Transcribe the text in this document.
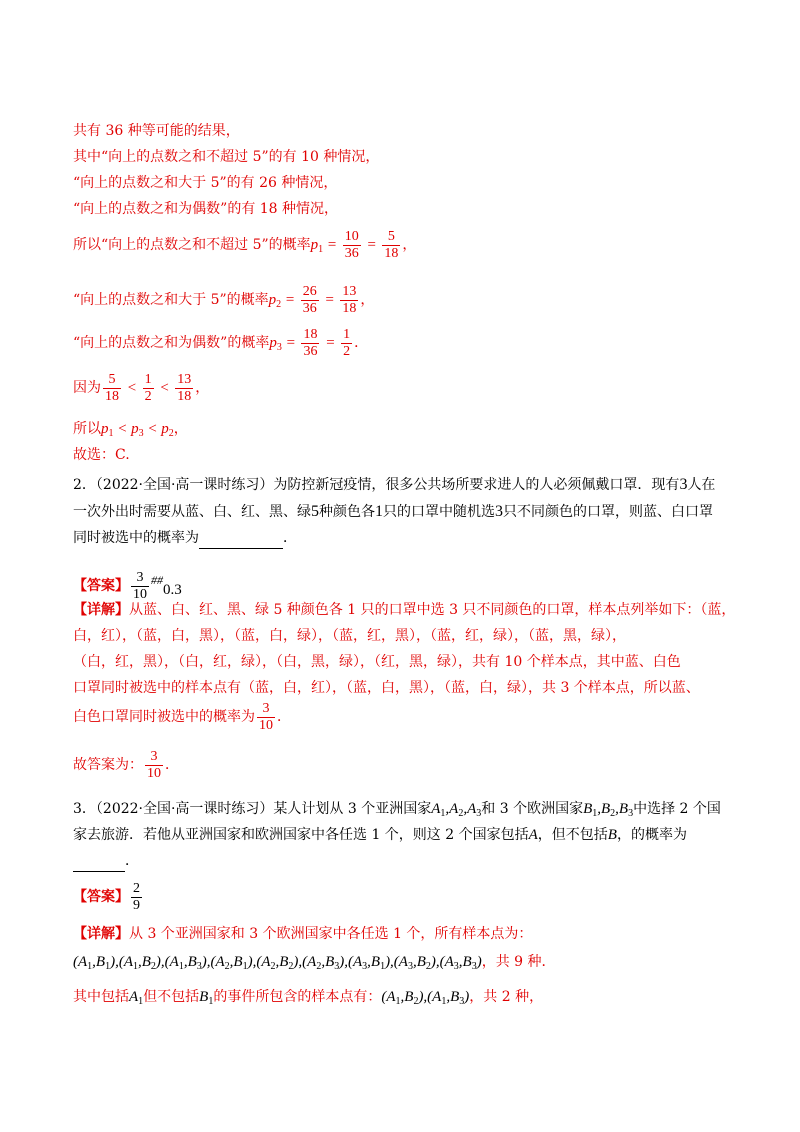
共有 36 种等可能的结果，
其中“向上的点数之和不超过 5”的有 10 种情况，
“向上的点数之和大于 5”的有 26 种情况，
“向上的点数之和为偶数”的有 18 种情况，
所以“向上的点数之和不超过 5”的概率$p_1 = \frac{10}{36} = \frac{5}{18}$ ，
“向上的点数之和大于 5”的概率$p_2 = \frac{26}{36} = \frac{13}{18}$ ，
“向上的点数之和为偶数”的概率$p_3 = \frac{18}{36} = \frac{1}{2}$ ．
因为 $\frac{5}{18} < \frac{1}{2} < \frac{13}{18}$ ，
所以$p_1 < p_3 < p_2$，
故选：C.
2．（2022·全国·高一课时练习）为防控新冠疫情，很多公共场所要求进人的人必须佩戴口罩．现有3人在
一次外出时需要从蓝、白、红、黑、绿5种颜色各1只的口罩中随机选3只不同颜色的口罩，则蓝、白口罩
同时被选中的概率为	．
【答案】 $\frac{3}{10}$ ##0.3
【详解】从蓝、白、红、黑、绿 5 种颜色各 1 只的口罩中选 3 只不同颜色的口罩，样本点列举如下：（蓝，
白，红），（蓝，白，黑），（蓝，白，绿），（蓝，红，黑），（蓝，红，绿），（蓝，黑，绿），
（白，红，黑），（白，红，绿），（白，黑，绿），（红，黑，绿），共有 10 个样本点，其中蓝、白色
口罩同时被选中的样本点有（蓝，白，红），（蓝，白，黑），（蓝，白，绿），共 3 个样本点，所以蓝、
白色口罩同时被选中的概率为 $\frac{3}{10}$ ．
故答案为： $\frac{3}{10}$ ．
3．（2022·全国·高一课时练习）某人计划从 3 个亚洲国家$A_1,A_2,A_3$和 3 个欧洲国家$B_1,B_2,B_3$中选择 2 个国
家去旅游．若他从亚洲国家和欧洲国家中各任选 1 个，则这 2 个国家包括A，但不包括B，的概率为
．
【答案】 $\frac{2}{9}$
【详解】从 3 个亚洲国家和 3 个欧洲国家中各任选 1 个，所有样本点为：
$(A_1,B_1),(A_1,B_2),(A_1,B_3),(A_2,B_1),(A_2,B_2),(A_2,B_3),(A_3,B_1),(A_3,B_2),(A_3,B_3)$，共 9 种．
其中包括$A_1$但不包括$B_1$的事件所包含的样本点有：$(A_1,B_2),(A_1,B_3)$，共 2 种，
